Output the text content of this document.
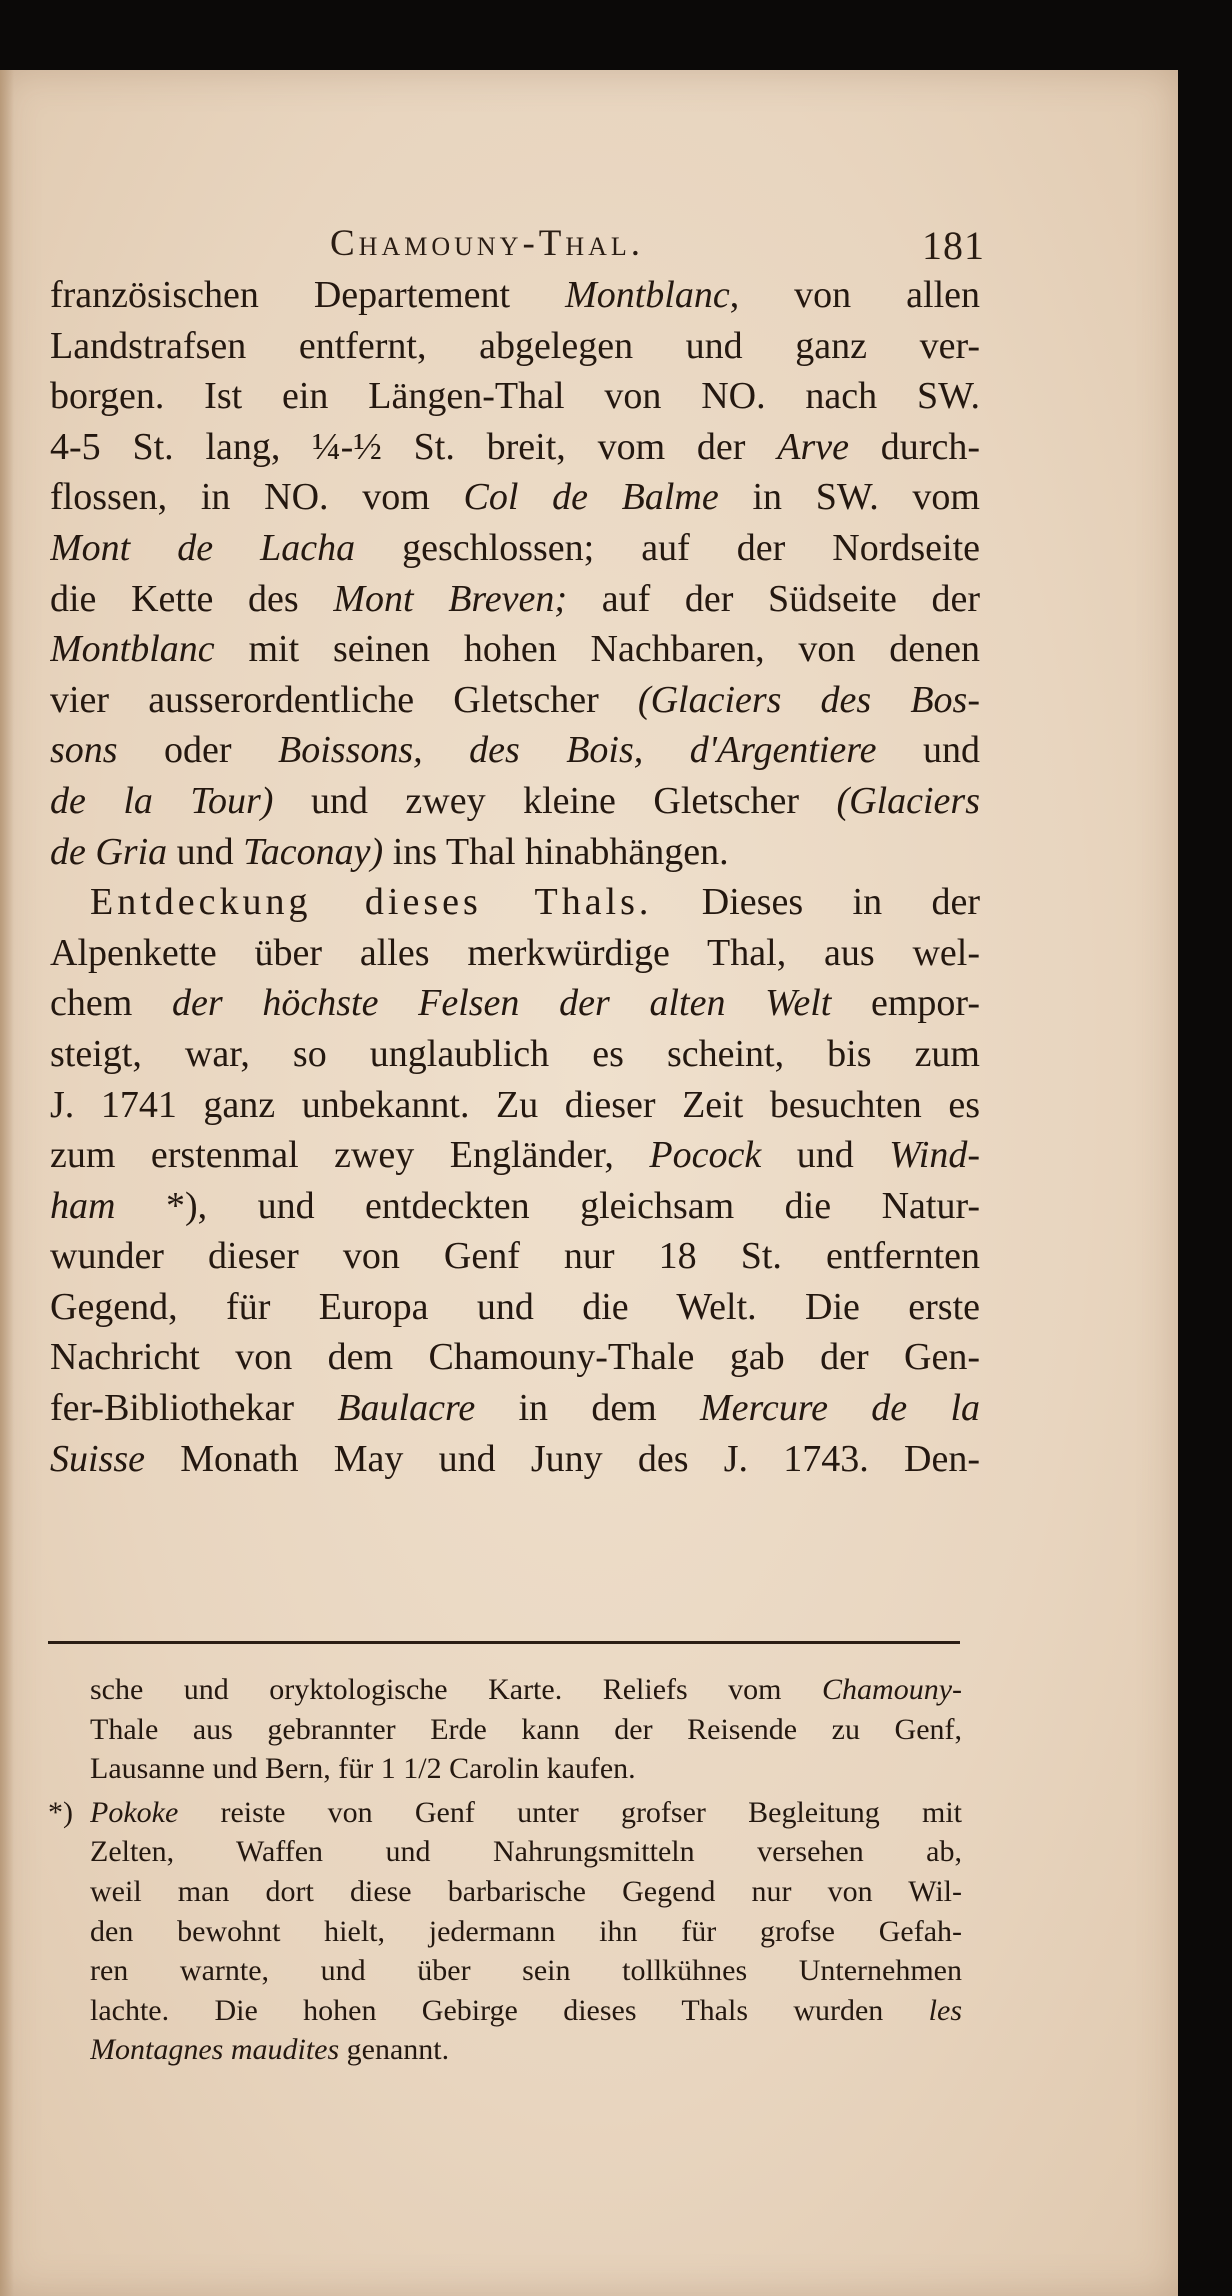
Chamouny-Thal.	181
französischen Departement Montblanc, von allen
Landstrafsen entfernt, abgelegen und ganz ver-
borgen. Ist ein Längen-Thal von NO. nach SW.
4-5 St. lang, ¼-½ St. breit, vom der Arve durch-
flossen, in NO. vom Col de Balme in SW. vom
Mont de Lacha geschlossen; auf der Nordseite
die Kette des Mont Breven; auf der Südseite der
Montblanc mit seinen hohen Nachbaren, von denen
vier ausserordentliche Gletscher (Glaciers des Bos-
sons oder Boissons, des Bois, d'Argentiere und
de la Tour) und zwey kleine Gletscher (Glaciers
de Gria und Taconay) ins Thal hinabhängen.
Entdeckung dieses Thals. Dieses in der
Alpenkette über alles merkwürdige Thal, aus wel-
chem der höchste Felsen der alten Welt empor-
steigt, war, so unglaublich es scheint, bis zum
J. 1741 ganz unbekannt. Zu dieser Zeit besuchten es
zum erstenmal zwey Engländer, Pocock und Wind-
ham *), und entdeckten gleichsam die Natur-
wunder dieser von Genf nur 18 St. entfernten
Gegend, für Europa und die Welt. Die erste
Nachricht von dem Chamouny-Thale gab der Gen-
fer-Bibliothekar Baulacre in dem Mercure de la
Suisse Monath May und Juny des J. 1743. Den-
sche und oryktologische Karte. Reliefs vom Chamouny-
Thale aus gebrannter Erde kann der Reisende zu Genf,
Lausanne und Bern, für 1 1/2 Carolin kaufen.
*) Pokoke reiste von Genf unter grofser Begleitung mit
Zelten, Waffen und Nahrungsmitteln versehen ab,
weil man dort diese barbarische Gegend nur von Wil-
den bewohnt hielt, jedermann ihn für grofse Gefah-
ren warnte, und über sein tollkühnes Unternehmen
lachte. Die hohen Gebirge dieses Thals wurden les
Montagnes maudites genannt.
